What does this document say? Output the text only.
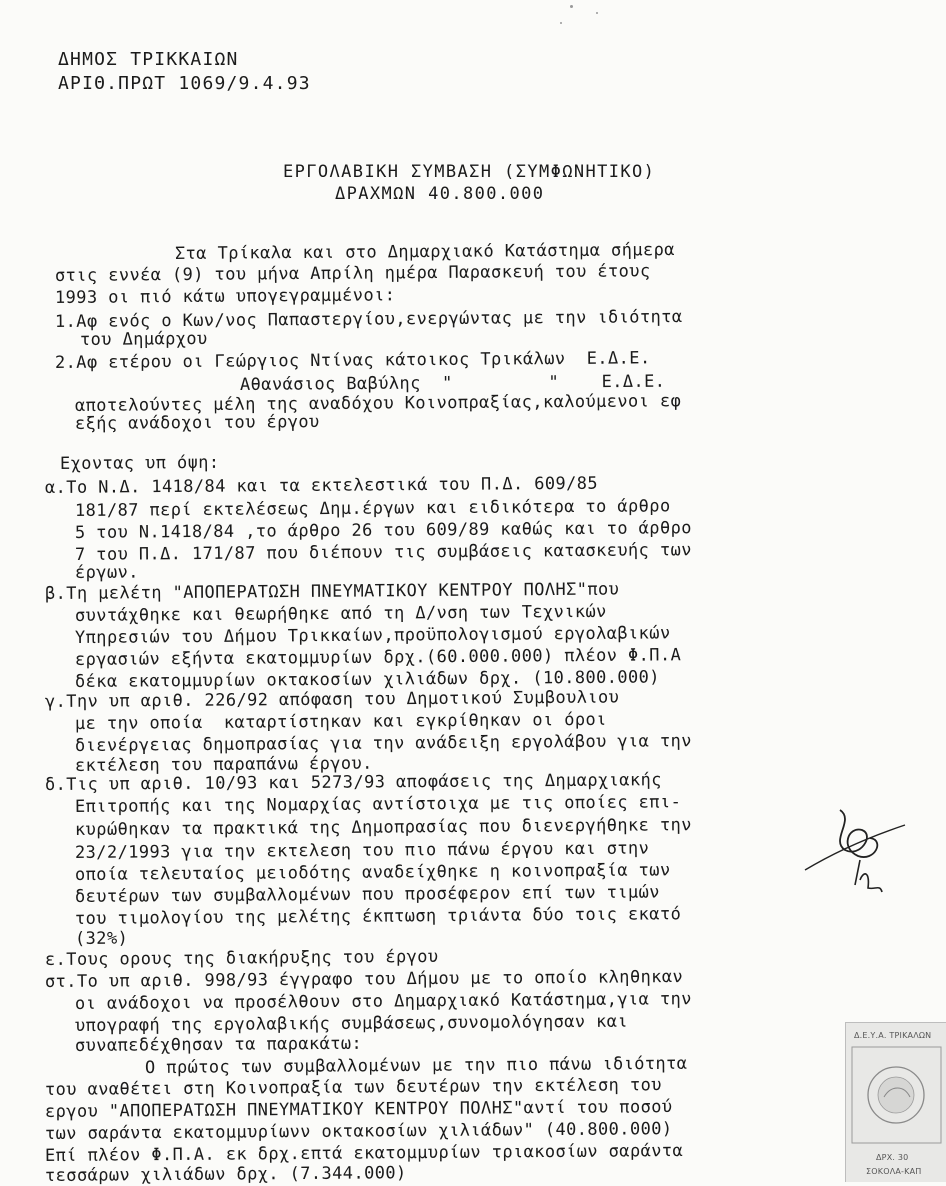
ΔΗΜΟΣ ΤΡΙΚΚΑΙΩΝ
ΑΡΙΘ.ΠΡΩΤ 1069/9.4.93
ΕΡΓΟΛΑΒΙΚΗ ΣΥΜΒΑΣΗ (ΣΥΜΦΩΝΗΤΙΚΟ)
ΔΡΑΧΜΩΝ 40.800.000
Στα Τρίκαλα και στο Δημαρχιακό Κατάστημα σήμερα
στις εννέα (9) του μήνα Απρίλη ημέρα Παρασκευή του έτους
1993 οι πιό κάτω υπογεγραμμένοι:
1.Αφ ενός ο Κων/νος Παπαστεργίου,ενεργώντας με την ιδιότητα
του Δημάρχου
2.Αφ ετέρου οι Γεώργιος Ντίνας κάτοικος Τρικάλων  Ε.Δ.Ε.
Αθανάσιος Βαβύλης  "         "    Ε.Δ.Ε.
αποτελούντες μέλη της αναδόχου Κοινοπραξίας,καλούμενοι εφ
εξής ανάδοχοι του έργου
Εχοντας υπ όψη:
α.Το Ν.Δ. 1418/84 και τα εκτελεστικά του Π.Δ. 609/85
181/87 περί εκτελέσεως Δημ.έργων και ειδικότερα το άρθρο
5 του Ν.1418/84 ,το άρθρο 26 του 609/89 καθώς και το άρθρο
7 του Π.Δ. 171/87 που διέπουν τις συμβάσεις κατασκευής των
έργων.
β.Τη μελέτη "ΑΠΟΠΕΡΑΤΩΣΗ ΠΝΕΥΜΑΤΙΚΟΥ ΚΕΝΤΡΟΥ ΠΟΛΗΣ"που
συντάχθηκε και θεωρήθηκε από τη Δ/νση των Τεχνικών
Υπηρεσιών του Δήμου Τρικκαίων,προϋπολογισμού εργολαβικών
εργασιών εξήντα εκατομμυρίων δρχ.(60.000.000) πλέον Φ.Π.Α
δέκα εκατομμυρίων οκτακοσίων χιλιάδων δρχ. (10.800.000)
γ.Την υπ αριθ. 226/92 απόφαση του Δημοτικού Συμβουλιου
με την οποία  καταρτίστηκαν και εγκρίθηκαν οι όροι
διενέργειας δημοπρασίας για την ανάδειξη εργολάβου για την
εκτέλεση του παραπάνω έργου.
δ.Τις υπ αριθ. 10/93 και 5273/93 αποφάσεις της Δημαρχιακής
Επιτροπής και της Νομαρχίας αντίστοιχα με τις οποίες επι-
κυρώθηκαν τα πρακτικά της Δημοπρασίας που διενεργήθηκε την
23/2/1993 για την εκτελεση του πιο πάνω έργου και στην
οποία τελευταίος μειοδότης αναδείχθηκε η κοινοπραξία των
δευτέρων των συμβαλλομένων που προσέφερον επί των τιμών
του τιμολογίου της μελέτης έκπτωση τριάντα δύο τοις εκατό
(32%)
ε.Τους ορους της διακήρυξης του έργου
στ.Το υπ αριθ. 998/93 έγγραφο του Δήμου με το οποίο κληθηκαν
οι ανάδοχοι να προσέλθουν στο Δημαρχιακό Κατάστημα,για την
υπογραφή της εργολαβικής συμβάσεως,συνομολόγησαν και
συναπεδέχθησαν τα παρακάτω:
Ο πρώτος των συμβαλλομένων με την πιο πάνω ιδιότητα
του αναθέτει στη Κοινοπραξία των δευτέρων την εκτέλεση του
εργου "ΑΠΟΠΕΡΑΤΩΣΗ ΠΝΕΥΜΑΤΙΚΟΥ ΚΕΝΤΡΟΥ ΠΟΛΗΣ"αντί του ποσού
των σαράντα εκατομμυρίωνν οκτακοσίων χιλιάδων" (40.800.000)
Επί πλέον Φ.Π.Α. εκ δρχ.επτά εκατομμυρίων τριακοσίων σαράντα
τεσσάρων χιλιάδων δρχ. (7.344.000)
Δ.Ε.Υ.Α. ΤΡΙΚΑΛΩΝ
ΔΡΧ. 30
ΣΟΚΟΛΑ-ΚΑΠ
